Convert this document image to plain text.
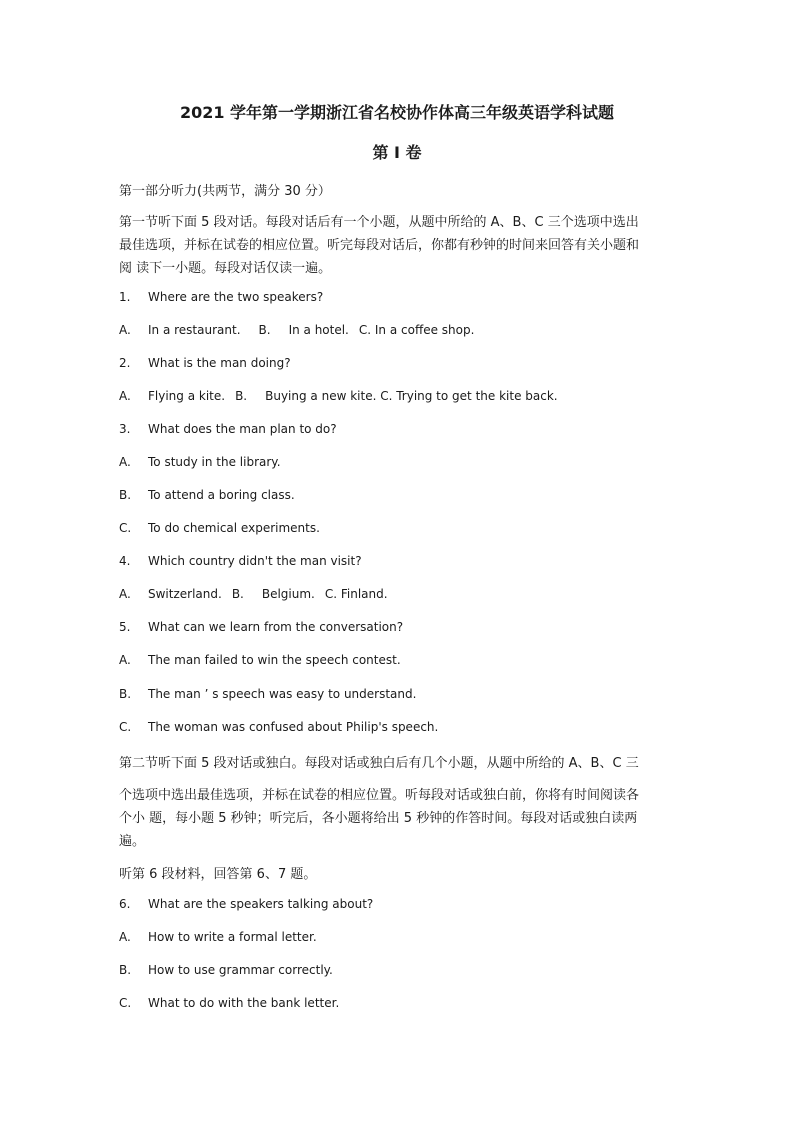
2021 学年第一学期浙江省名校协作体高三年级英语学科试题
第 I 卷
第一部分听力(共两节，满分 30 分）
第一节听下面 5 段对话。每段对话后有一个小题，从题中所给的 A、B、C 三个选项中选出
最佳选项，并标在试卷的相应位置。听完每段对话后，你都有秒钟的时间来回答有关小题和
阅 读下一小题。每段对话仅读一遍。
1. Where are the two speakers?
A. In a restaurant. B. In a hotel. C. In a coffee shop.
2. What is the man doing?
A. Flying a kite. B. Buying a new kite. C. Trying to get the kite back.
3. What does the man plan to do?
A. To study in the library.
B. To attend a boring class.
C. To do chemical experiments.
4. Which country didn't the man visit?
A. Switzerland. B. Belgium. C. Finland.
5. What can we learn from the conversation?
A. The man failed to win the speech contest.
B. The man ’ s speech was easy to understand.
C. The woman was confused about Philip's speech.
第二节听下面 5 段对话或独白。每段对话或独白后有几个小题，从题中所给的 A、B、C 三
个选项中选出最佳选项，并标在试卷的相应位置。听每段对话或独白前，你将有时间阅读各
个小 题，每小题 5 秒钟；听完后，各小题将给出 5 秒钟的作答时间。每段对话或独白读两
遍。
听第 6 段材料，回答第 6、7 题。
6. What are the speakers talking about?
A. How to write a formal letter.
B. How to use grammar correctly.
C. What to do with the bank letter.
